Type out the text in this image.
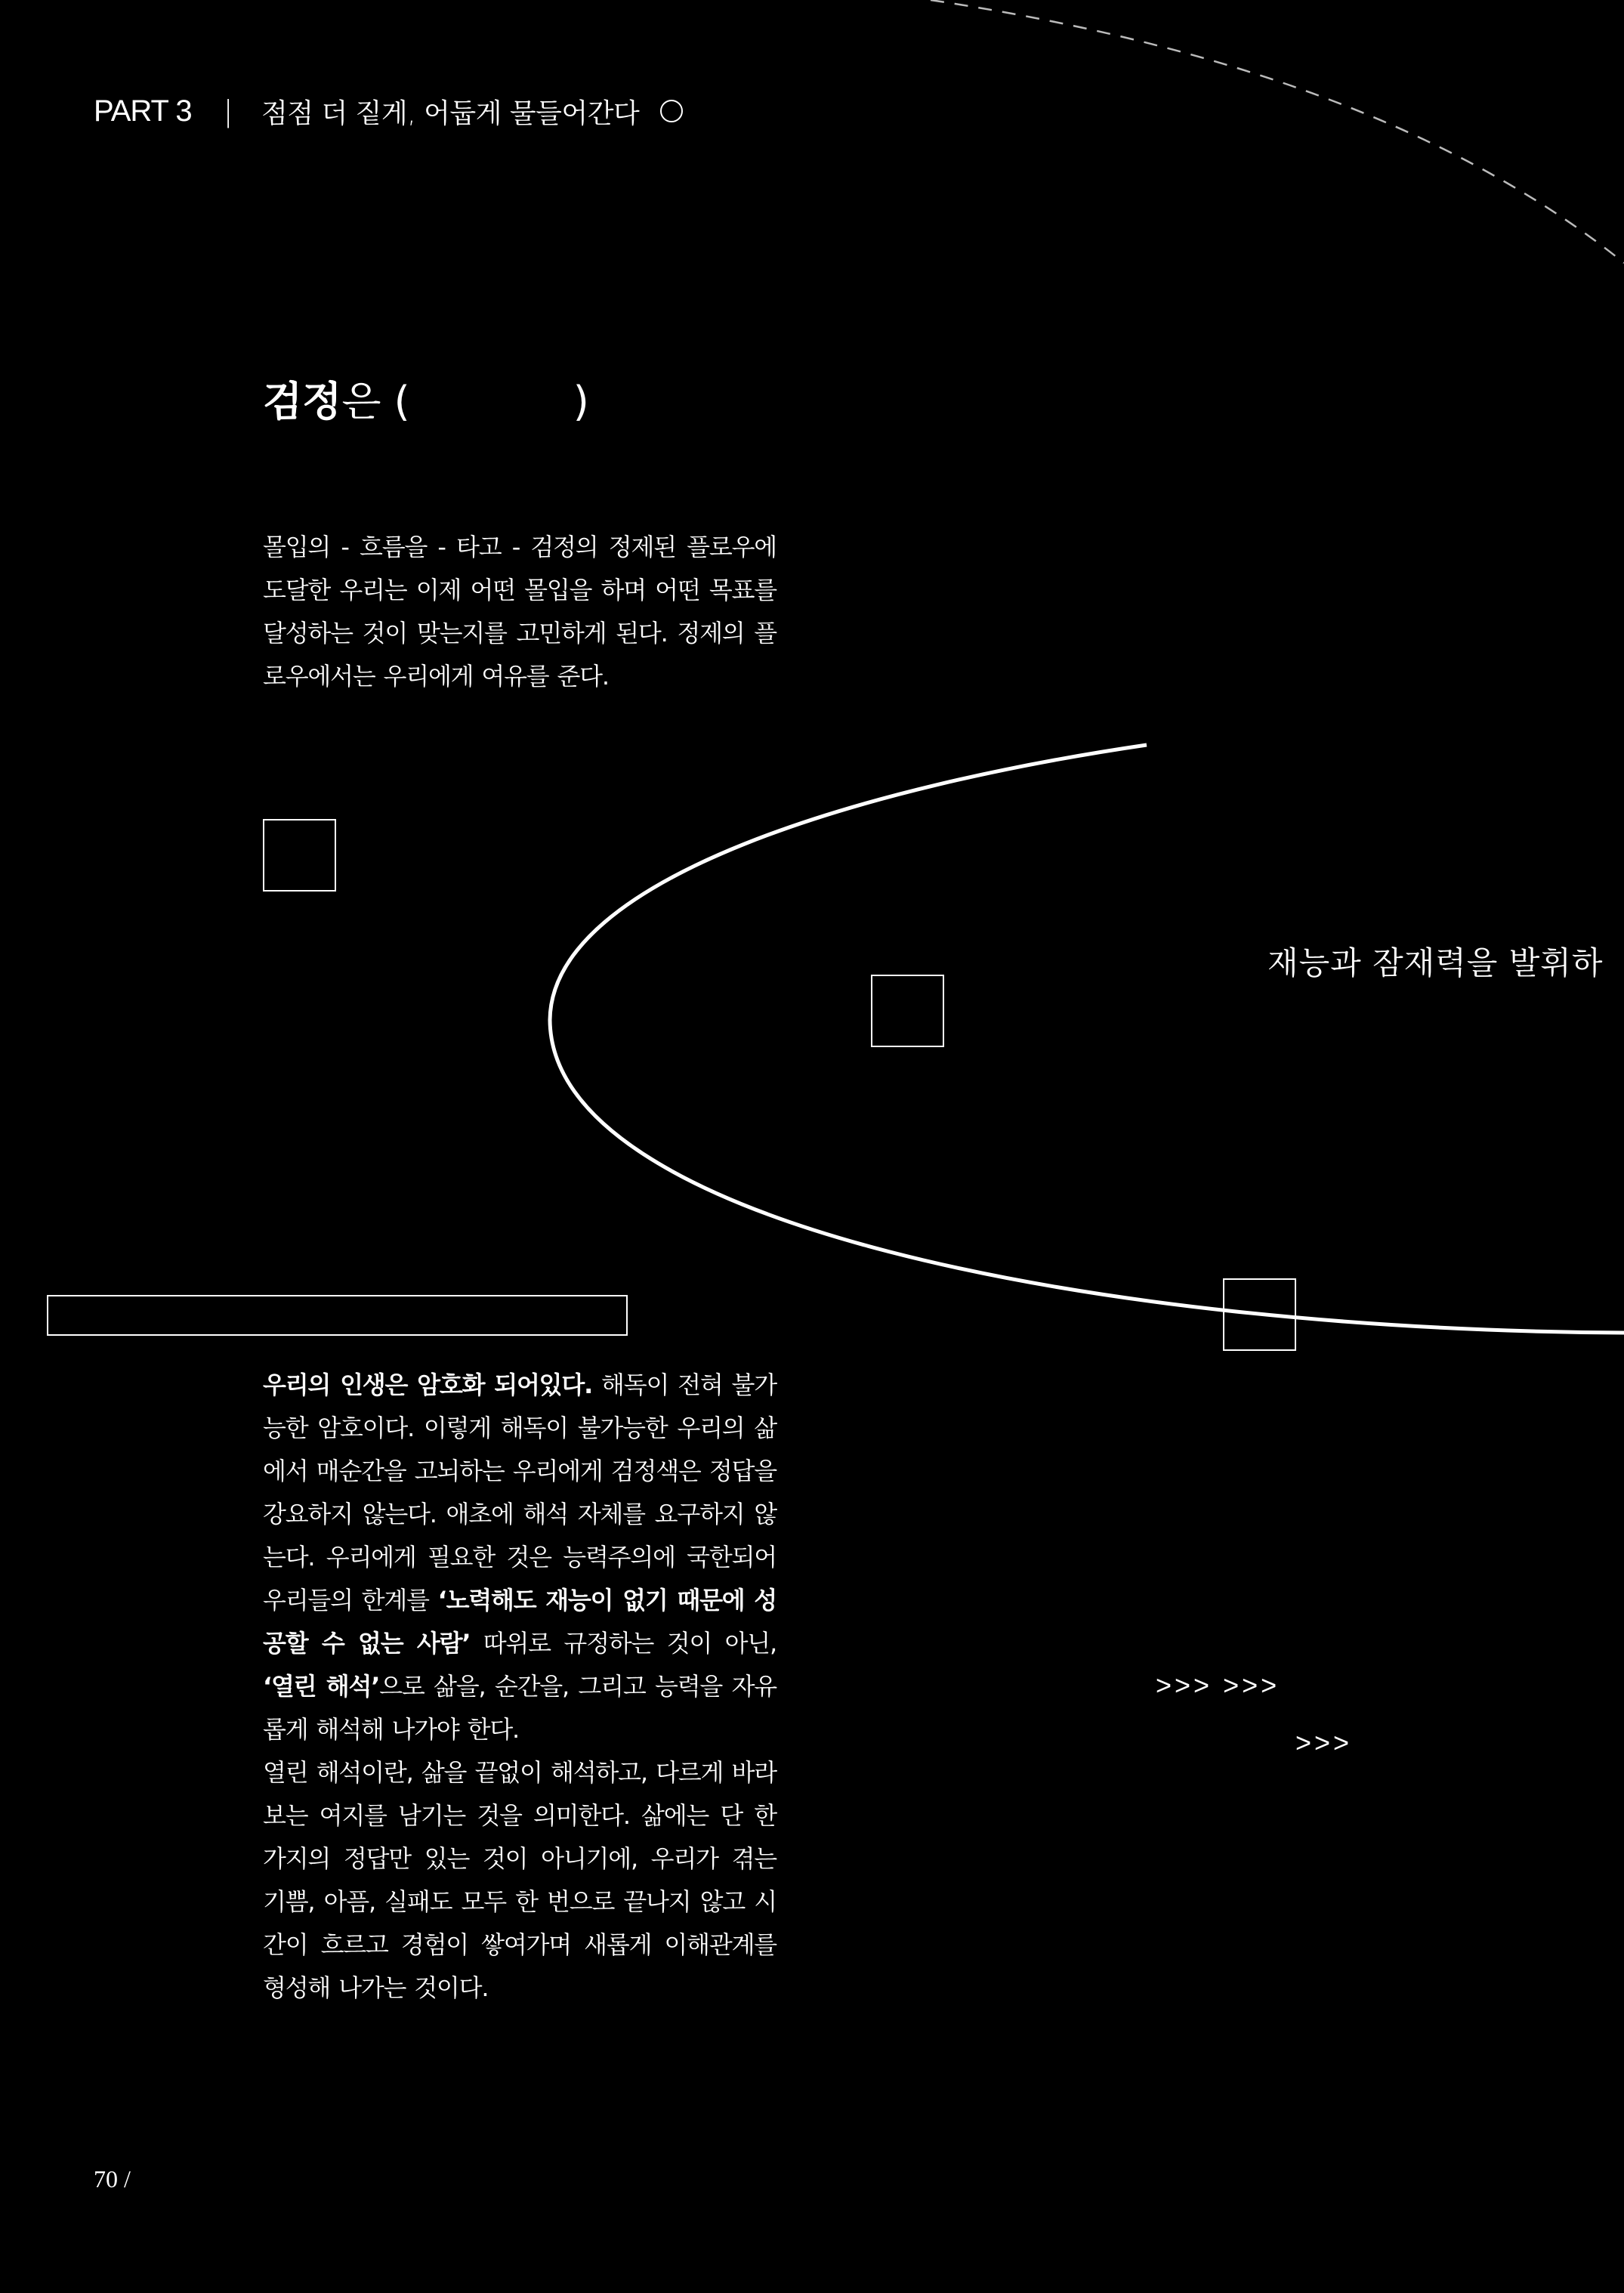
PART 3 | 점점 더 짙게, 어둡게 물들어간다
검정은 (	)

몰입의 - 흐름을 - 타고 - 검정의 정제된 플로우에 도달한 우리는 이제 어떤 몰입을 하며 어떤 목표를 달성하는 것이 맞는지를 고민하게 된다. 정제의 플로우에서는 우리에게 여유를 준다.

재능과 잠재력을 발휘하

우리의 인생은 암호화 되어있다. 해독이 전혀 불가능한 암호이다. 이렇게 해독이 불가능한 우리의 삶에서 매순간을 고뇌하는 우리에게 검정색은 정답을 강요하지 않는다. 애초에 해석 자체를 요구하지 않는다. 우리에게 필요한 것은 능력주의에 국한되어 우리들의 한계를 ‘노력해도 재능이 없기 때문에 성공할 수 없는 사람’ 따위로 규정하는 것이 아닌, ‘열린 해석’으로 삶을, 순간을, 그리고 능력을 자유롭게 해석해 나가야 한다.

열린 해석이란, 삶을 끝없이 해석하고, 다르게 바라보는 여지를 남기는 것을 의미한다. 삶에는 단 한 가지의 정답만 있는 것이 아니기에, 우리가 겪는 기쁨, 아픔, 실패도 모두 한 번으로 끝나지 않고 시간이 흐르고 경험이 쌓여가며 새롭게 이해관계를 형성해 나가는 것이다.

>>> >>>
>>>
70 /
